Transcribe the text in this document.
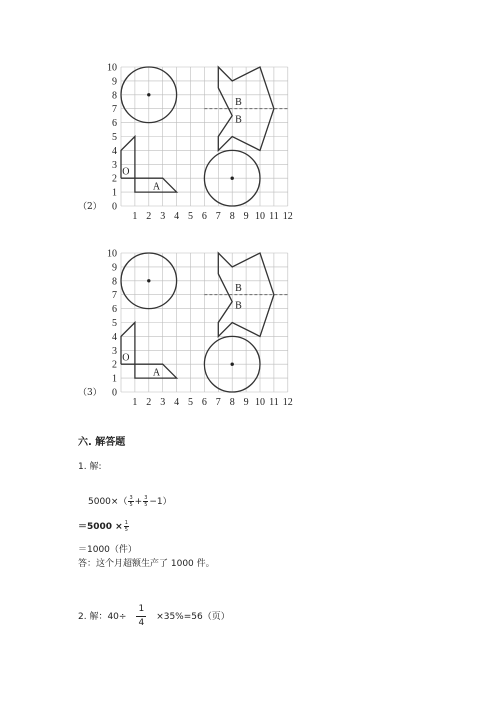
（2） 0
1
2
3
4
5
6
7
8
9
10
1 2 3 4 5 6 7 8 9 10 11 12
O
A
B
B
（3） 0
1
2
3
4
5
6
7
8
9
10
1 2 3 4 5 6 7 8 9 10 11 12
O
A
B
B
六. 解答题
1. 解:
$5000\times( \frac{3}{5} + \frac{3}{5} -1)$
$=5000 \times \frac{1}{5}$
＝1000（件）
答：这个月超额生产了 1000 件。
2. 解：$40\div \frac{1}{4} \times 35\%=56$（页）
